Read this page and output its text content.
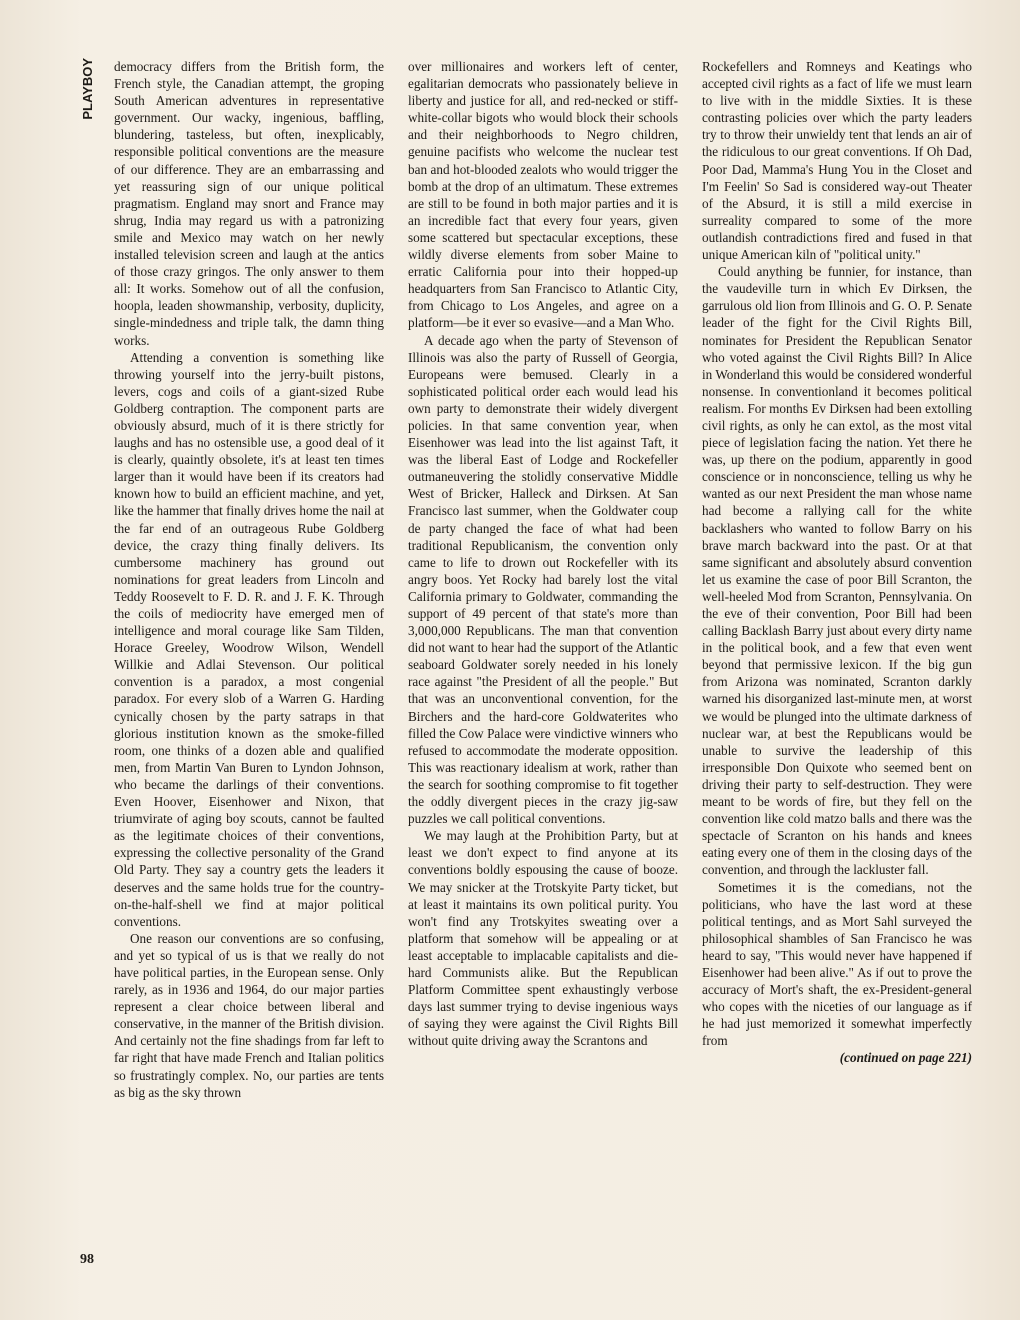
PLAYBOY democracy differs from the British form, the French style, the Canadian attempt, the groping South American adventures in representative government. Our wacky, ingenious, baffling, blundering, tasteless, but often, inexplicably, responsible political conventions are the measure of our difference. They are an embarrassing and yet reassuring sign of our unique political pragmatism. England may snort and France may shrug, India may regard us with a patronizing smile and Mexico may watch on her newly installed television screen and laugh at the antics of those crazy gringos. The only answer to them all: It works. Somehow out of all the confusion, hoopla, leaden showmanship, verbosity, duplicity, single-mindedness and triple talk, the damn thing works.

Attending a convention is something like throwing yourself into the jerry-built pistons, levers, cogs and coils of a giant-sized Rube Goldberg contraption. The component parts are obviously absurd, much of it is there strictly for laughs and has no ostensible use, a good deal of it is clearly, quaintly obsolete, it's at least ten times larger than it would have been if its creators had known how to build an efficient machine, and yet, like the hammer that finally drives home the nail at the far end of an outrageous Rube Goldberg device, the crazy thing finally delivers. Its cumbersome machinery has ground out nominations for great leaders from Lincoln and Teddy Roosevelt to F. D. R. and J. F. K. Through the coils of mediocrity have emerged men of intelligence and moral courage like Sam Tilden, Horace Greeley, Woodrow Wilson, Wendell Willkie and Adlai Stevenson. Our political convention is a paradox, a most congenial paradox. For every slob of a Warren G. Harding cynically chosen by the party satraps in that glorious institution known as the smoke-filled room, one thinks of a dozen able and qualified men, from Martin Van Buren to Lyndon Johnson, who became the darlings of their conventions. Even Hoover, Eisenhower and Nixon, that triumvirate of aging boy scouts, cannot be faulted as the legitimate choices of their conventions, expressing the collective personality of the Grand Old Party. They say a country gets the leaders it deserves and the same holds true for the country-on-the-half-shell we find at major political conventions.

One reason our conventions are so confusing, and yet so typical of us is that we really do not have political parties, in the European sense. Only rarely, as in 1936 and 1964, do our major parties represent a clear choice between liberal and conservative, in the manner of the British division. And certainly not the fine shadings from far left to far right that have made French and Italian politics so frustratingly complex. No, our parties are tents as big as the sky thrown

over millionaires and workers left of center, egalitarian democrats who passionately believe in liberty and justice for all, and red-necked or stiff-white-collar bigots who would block their schools and their neighborhoods to Negro children, genuine pacifists who welcome the nuclear test ban and hot-blooded zealots who would trigger the bomb at the drop of an ultimatum. These extremes are still to be found in both major parties and it is an incredible fact that every four years, given some scattered but spectacular exceptions, these wildly diverse elements from sober Maine to erratic California pour into their hopped-up headquarters from San Francisco to Atlantic City, from Chicago to Los Angeles, and agree on a platform—be it ever so evasive—and a Man Who.

A decade ago when the party of Stevenson of Illinois was also the party of Russell of Georgia, Europeans were bemused. Clearly in a sophisticated political order each would lead his own party to demonstrate their widely divergent policies. In that same convention year, when Eisenhower was lead into the list against Taft, it was the liberal East of Lodge and Rockefeller outmaneuvering the stolidly conservative Middle West of Bricker, Halleck and Dirksen. At San Francisco last summer, when the Goldwater coup de party changed the face of what had been traditional Republicanism, the convention only came to life to drown out Rockefeller with its angry boos. Yet Rocky had barely lost the vital California primary to Goldwater, commanding the support of 49 percent of that state's more than 3,000,000 Republicans. The man that convention did not want to hear had the support of the Atlantic seaboard Goldwater sorely needed in his lonely race against "the President of all the people." But that was an unconventional convention, for the Birchers and the hard-core Goldwaterites who filled the Cow Palace were vindictive winners who refused to accommodate the moderate opposition. This was reactionary idealism at work, rather than the search for soothing compromise to fit together the oddly divergent pieces in the crazy jig-saw puzzles we call political conventions.

We may laugh at the Prohibition Party, but at least we don't expect to find anyone at its conventions boldly espousing the cause of booze. We may snicker at the Trotskyite Party ticket, but at least it maintains its own political purity. You won't find any Trotskyites sweating over a platform that somehow will be appealing or at least acceptable to implacable capitalists and die-hard Communists alike. But the Republican Platform Committee spent exhaustingly verbose days last summer trying to devise ingenious ways of saying they were against the Civil Rights Bill without quite driving away the Scrantons and

Rockefellers and Romneys and Keatings who accepted civil rights as a fact of life we must learn to live with in the middle Sixties. It is these contrasting policies over which the party leaders try to throw their unwieldy tent that lends an air of the ridiculous to our great conventions. If Oh Dad, Poor Dad, Mamma's Hung You in the Closet and I'm Feelin' So Sad is considered way-out Theater of the Absurd, it is still a mild exercise in surreality compared to some of the more outlandish contradictions fired and fused in that unique American kiln of "political unity."

Could anything be funnier, for instance, than the vaudeville turn in which Ev Dirksen, the garrulous old lion from Illinois and G. O. P. Senate leader of the fight for the Civil Rights Bill, nominates for President the Republican Senator who voted against the Civil Rights Bill? In Alice in Wonderland this would be considered wonderful nonsense. In conventionland it becomes political realism. For months Ev Dirksen had been extolling civil rights, as only he can extol, as the most vital piece of legislation facing the nation. Yet there he was, up there on the podium, apparently in good conscience or in nonconscience, telling us why he wanted as our next President the man whose name had become a rallying call for the white backlashers who wanted to follow Barry on his brave march backward into the past. Or at that same significant and absolutely absurd convention let us examine the case of poor Bill Scranton, the well-heeled Mod from Scranton, Pennsylvania. On the eve of their convention, Poor Bill had been calling Backlash Barry just about every dirty name in the political book, and a few that even went beyond that permissive lexicon. If the big gun from Arizona was nominated, Scranton darkly warned his disorganized last-minute men, at worst we would be plunged into the ultimate darkness of nuclear war, at best the Republicans would be unable to survive the leadership of this irresponsible Don Quixote who seemed bent on driving their party to self-destruction. They were meant to be words of fire, but they fell on the convention like cold matzo balls and there was the spectacle of Scranton on his hands and knees eating every one of them in the closing days of the convention, and through the lackluster fall.

Sometimes it is the comedians, not the politicians, who have the last word at these political tentings, and as Mort Sahl surveyed the philosophical shambles of San Francisco he was heard to say, "This would never have happened if Eisenhower had been alive." As if out to prove the accuracy of Mort's shaft, the ex-President-general who copes with the niceties of our language as if he had just memorized it somewhat imperfectly from

(continued on page 221)

98
